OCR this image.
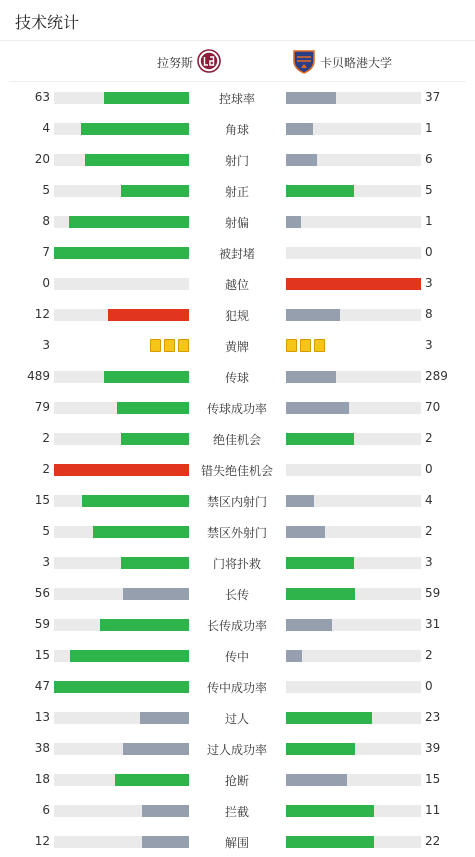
技术统计
拉努斯	卡贝略港大学
63	控球率	37
4	角球	1
20	射门	6
5	射正	5
8	射偏	1
7	被封堵	0
0	越位	3
12	犯规	8
3	黄牌	3
489	传球	289
79	传球成功率	70
2	绝佳机会	2
2	错失绝佳机会	0
15	禁区内射门	4
5	禁区外射门	2
3	门将扑救	3
56	长传	59
59	长传成功率	31
15	传中	2
47	传中成功率	0
13	过人	23
38	过人成功率	39
18	抢断	15
6	拦截	11
12	解围	22
